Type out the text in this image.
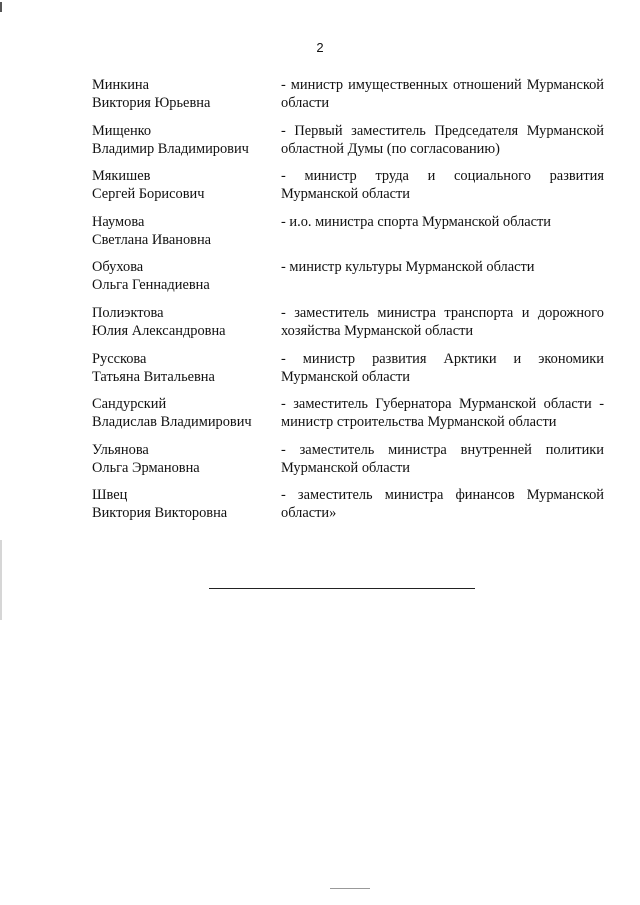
2
Минкина
Виктория Юрьевна
- министр имущественных отношений Мурманской области
Мищенко
Владимир Владимирович
- Первый заместитель Председателя Мурманской областной Думы (по согласованию)
Мякишев
Сергей Борисович
- министр труда и социального развития Мурманской области
Наумова
Светлана Ивановна
- и.о. министра спорта Мурманской области
Обухова
Ольга Геннадиевна
- министр культуры Мурманской области
Полиэктова
Юлия Александровна
- заместитель министра транспорта и дорожного хозяйства Мурманской области
Русскова
Татьяна Витальевна
- министр развития Арктики и экономики Мурманской области
Сандурский
Владислав Владимирович
- заместитель Губернатора Мурманской области - министр строительства Мурманской области
Ульянова
Ольга Эрмановна
- заместитель министра внутренней политики Мурманской области
Швец
Виктория Викторовна
- заместитель министра финансов Мурманской области»
